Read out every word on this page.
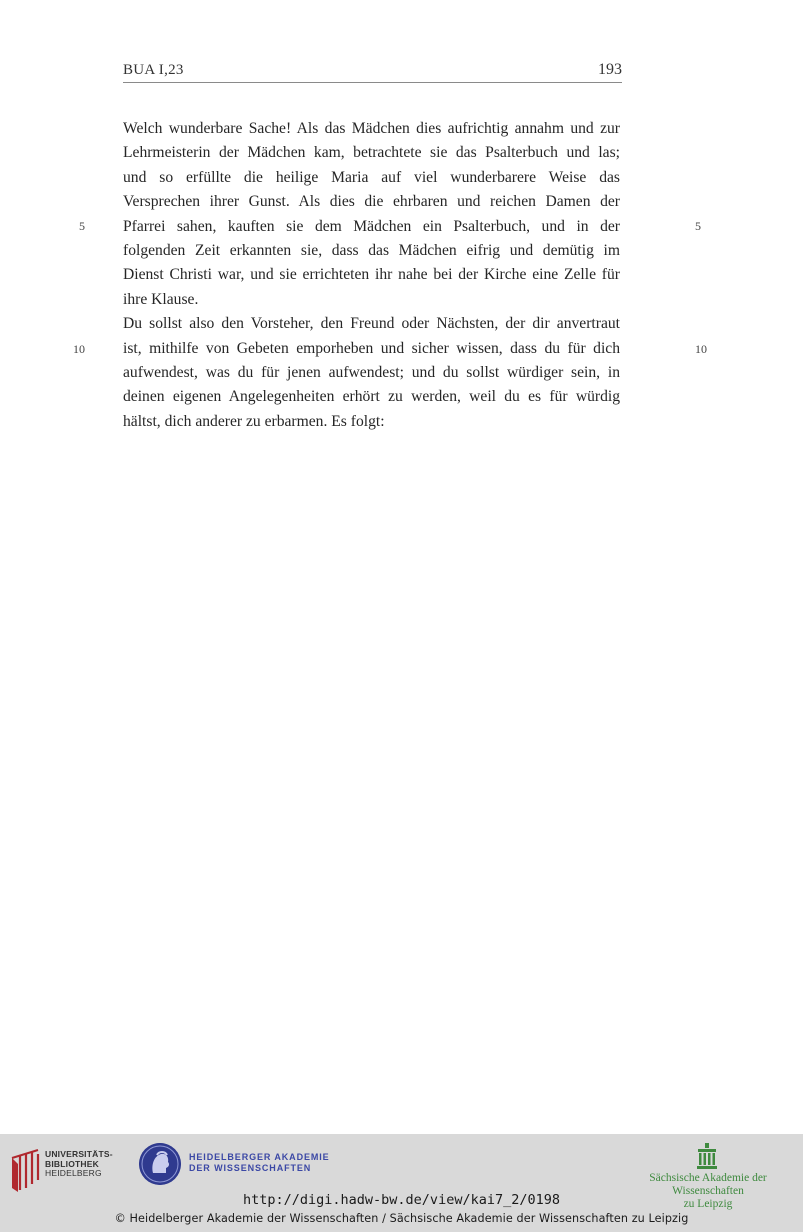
BUA I,23	193
Welch wunderbare Sache! Als das Mädchen dies aufrichtig annahm und zur
Lehrmeisterin der Mädchen kam, betrachtete sie das Psalterbuch und las;
und so erfüllte die heilige Maria auf viel wunderbarere Weise das
Versprechen ihrer Gunst. Als dies die ehrbaren und reichen Damen der
Pfarrei sahen, kauften sie dem Mädchen ein Psalterbuch, und in der
folgenden Zeit erkannten sie, dass das Mädchen eifrig und demütig im
Dienst Christi war, und sie errichteten ihr nahe bei der Kirche eine Zelle für
ihre Klause.
Du sollst also den Vorsteher, den Freund oder Nächsten, der dir anvertraut
ist, mithilfe von Gebeten emporheben und sicher wissen, dass du für dich
aufwendest, was du für jenen aufwendest; und du sollst würdiger sein, in
deinen eigenen Angelegenheiten erhört zu werden, weil du es für würdig
hältst, dich anderer zu erbarmen. Es folgt:
5	5
10	10
UNIVERSITÄTS-
BIBLIOTHEK
HEIDELBERG
HEIDELBERGER AKADEMIE
DER WISSENSCHAFTEN
Sächsische Akademie der Wissenschaften
zu Leipzig
http://digi.hadw-bw.de/view/kai7_2/0198
© Heidelberger Akademie der Wissenschaften / Sächsische Akademie der Wissenschaften zu Leipzig
